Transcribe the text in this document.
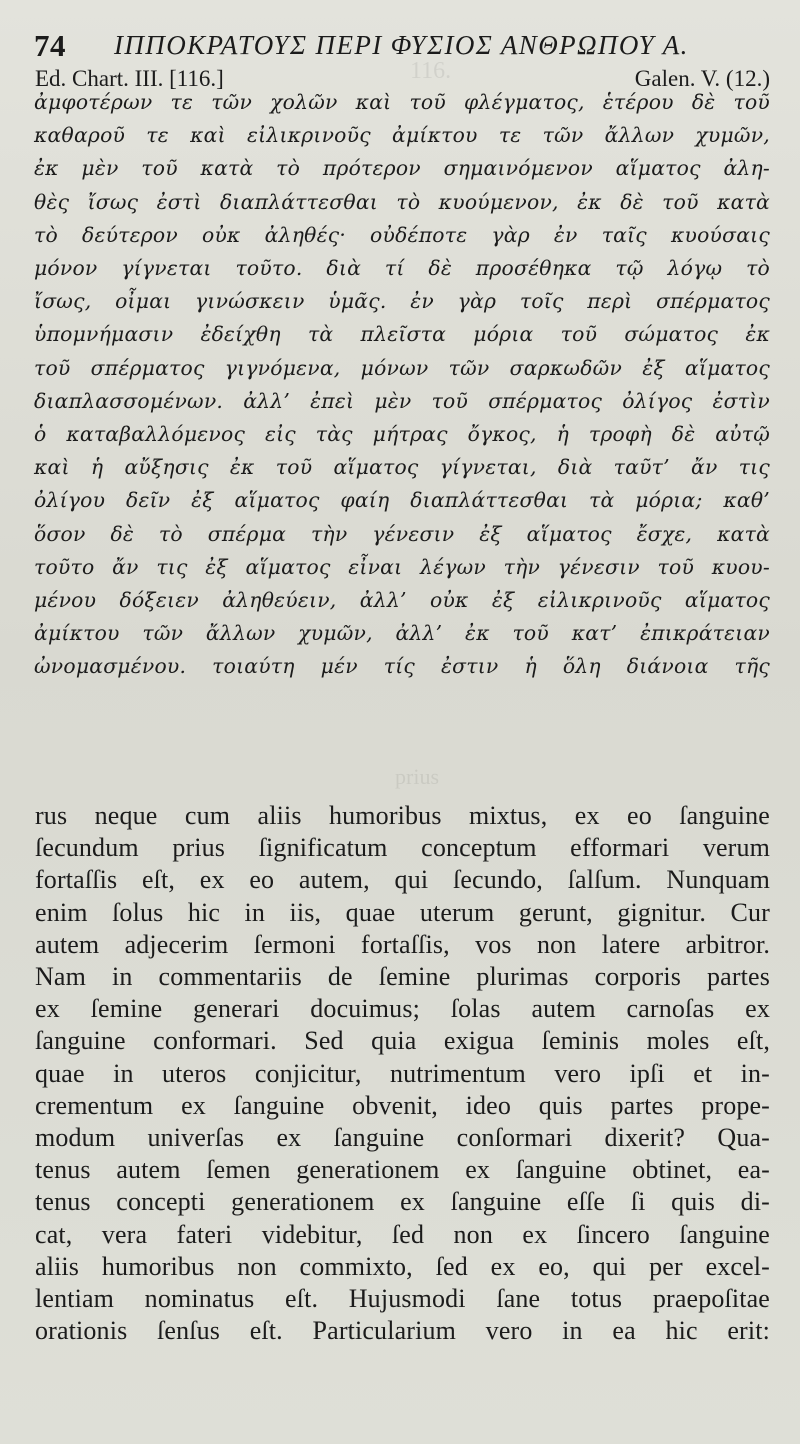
116.
prius
74 ΙΠΠΟΚΡΑΤΟΥΣ ΠΕΡΙ ΦΥΣΙΟΣ ΑΝΘΡΩΠΟΥ Α.
Ed. Chart. III. [116.]	Galen. V. (12.)
ἀμφοτέρων τε τῶν χολῶν καὶ τοῦ φλέγματος, ἑτέρου δὲ τοῦ
καθαροῦ τε καὶ εἰλικρινοῦς ἀμίκτου τε τῶν ἄλλων χυμῶν,
ἐκ μὲν τοῦ κατὰ τὸ πρότερον σημαινόμενον αἵματος ἀλη-
θὲς ἴσως ἐστὶ διαπλάττεσθαι τὸ κυούμενον, ἐκ δὲ τοῦ κατὰ
τὸ δεύτερον οὐκ ἀληθές· οὐδέποτε γὰρ ἐν ταῖς κυούσαις
μόνον γίγνεται τοῦτο. διὰ τί δὲ προσέθηκα τῷ λόγῳ τὸ
ἴσως, οἶμαι γινώσκειν ὑμᾶς. ἐν γὰρ τοῖς περὶ σπέρματος
ὑπομνήμασιν ἐδείχθη τὰ πλεῖστα μόρια τοῦ σώματος ἐκ
τοῦ σπέρματος γιγνόμενα, μόνων τῶν σαρκωδῶν ἐξ αἵματος
διαπλασσομένων. ἀλλ’ ἐπεὶ μὲν τοῦ σπέρματος ὀλίγος ἐστὶν
ὁ καταβαλλόμενος εἰς τὰς μήτρας ὄγκος, ἡ τροφὴ δὲ αὐτῷ
καὶ ἡ αὔξησις ἐκ τοῦ αἵματος γίγνεται, διὰ ταῦτ’ ἄν τις
ὀλίγου δεῖν ἐξ αἵματος φαίη διαπλάττεσθαι τὰ μόρια; καθ’
ὅσον δὲ τὸ σπέρμα τὴν γένεσιν ἐξ αἵματος ἔσχε, κατὰ
τοῦτο ἄν τις ἐξ αἵματος εἶναι λέγων τὴν γένεσιν τοῦ κυου-
μένου δόξειεν ἀληθεύειν, ἀλλ’ οὐκ ἐξ εἰλικρινοῦς αἵματος
ἀμίκτου τῶν ἄλλων χυμῶν, ἀλλ’ ἐκ τοῦ κατ’ ἐπικράτειαν
ὠνομασμένου. τοιαύτη μέν τίς ἐστιν ἡ ὅλη διάνοια τῆς
rus neque cum aliis humoribus mixtus, ex eo ſanguine
ſecundum prius ſignificatum conceptum efformari verum
fortaſſis eſt, ex eo autem, qui ſecundo, ſalſum. Nunquam
enim ſolus hic in iis, quae uterum gerunt, gignitur. Cur
autem adjecerim ſermoni fortaſſis, vos non latere arbitror.
Nam in commentariis de ſemine plurimas corporis partes
ex ſemine generari docuimus; ſolas autem carnoſas ex
ſanguine conformari. Sed quia exigua ſeminis moles eſt,
quae in uteros conjicitur, nutrimentum vero ipſi et in-
crementum ex ſanguine obvenit, ideo quis partes prope-
modum univerſas ex ſanguine conſormari dixerit? Qua-
tenus autem ſemen generationem ex ſanguine obtinet, ea-
tenus concepti generationem ex ſanguine eſſe ſi quis di-
cat, vera fateri videbitur, ſed non ex ſincero ſanguine
aliis humoribus non commixto, ſed ex eo, qui per excel-
lentiam nominatus eſt. Hujusmodi ſane totus praepoſitae
orationis ſenſus eſt. Particularium vero in ea hic erit:
